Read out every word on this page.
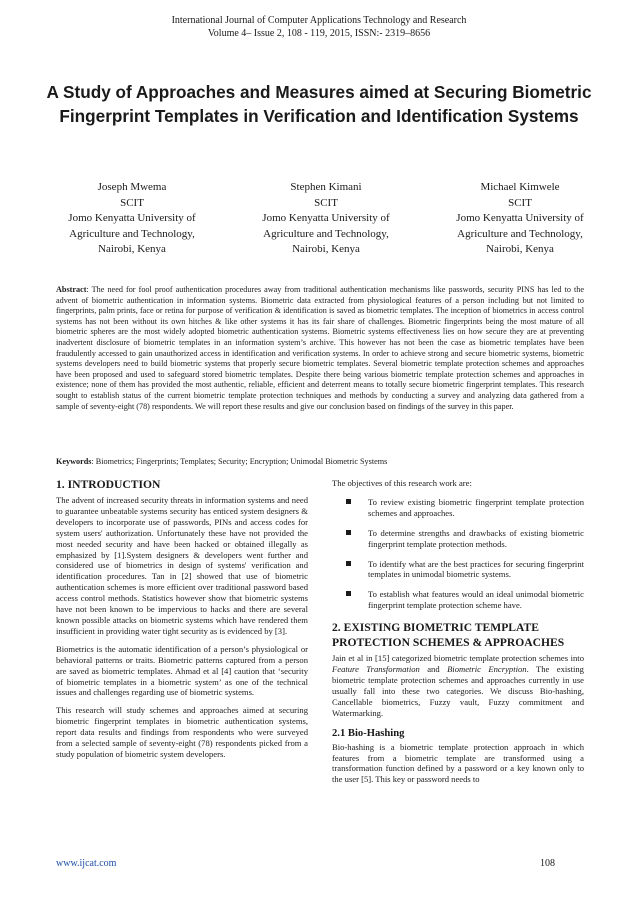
International Journal of Computer Applications Technology and Research
Volume 4– Issue 2, 108 - 119, 2015, ISSN:- 2319–8656
A Study of Approaches and Measures aimed at Securing Biometric Fingerprint Templates in Verification and Identification Systems
Joseph Mwema
SCIT
Jomo Kenyatta University of Agriculture and Technology,
Nairobi, Kenya
Stephen Kimani
SCIT
Jomo Kenyatta University of Agriculture and Technology,
Nairobi, Kenya
Michael Kimwele
SCIT
Jomo Kenyatta University of Agriculture and Technology,
Nairobi, Kenya

Abstract: The need for fool proof authentication procedures away from traditional authentication mechanisms like passwords, security PINS has led to the advent of biometric authentication in information systems. Biometric data extracted from physiological features of a person including but not limited to fingerprints, palm prints, face or retina for purpose of verification & identification is saved as biometric templates. The inception of biometrics in access control systems has not been without its own hitches & like other systems it has its fair share of challenges. Biometric fingerprints being the most mature of all biometric spheres are the most widely adopted biometric authentication systems. Biometric systems effectiveness lies on how secure they are at preventing inadvertent disclosure of biometric templates in an information system’s archive. This however has not been the case as biometric templates have been fraudulently accessed to gain unauthorized access in identification and verification systems. In order to achieve strong and secure biometric systems, biometric systems developers need to build biometric systems that properly secure biometric templates. Several biometric template protection schemes and approaches have been proposed and used to safeguard stored biometric templates. Despite there being various biometric template protection schemes and approaches in existence; none of them has provided the most authentic, reliable, efficient and deterrent means to totally secure biometric fingerprint templates. This research sought to establish status of the current biometric template protection techniques and methods by conducting a survey and analyzing data gathered from a sample of seventy-eight (78) respondents. We will report these results and give our conclusion based on findings of the survey in this paper.

Keywords: Biometrics; Fingerprints; Templates; Security; Encryption; Unimodal Biometric Systems

1. INTRODUCTION

The advent of increased security threats in information systems and need to guarantee unbeatable systems security has enticed system designers & developers to incorporate use of passwords, PINs and access codes for system users' authorization. Unfortunately these have not provided the most needed security and have been hacked or obtained illegally as emphasized by [1].System designers & developers went further and considered use of biometrics in design of systems' verification and identification procedures. Tan in [2] showed that use of biometric authentication schemes is more efficient over traditional password based access control methods. Statistics however show that biometric systems have not been known to be impervious to hacks and there are several known possible attacks on biometric systems which have rendered them insufficient in providing water tight security as is evidenced by [3].

Biometrics is the automatic identification of a person’s physiological or behavioral patterns or traits. Biometric patterns captured from a person are saved as biometric templates. Ahmad et al [4] caution that ‘security of biometric templates in a biometric system’ as one of the technical issues and challenges regarding use of biometric systems.

This research will study schemes and approaches aimed at securing biometric fingerprint templates in biometric authentication systems, report data results and findings from respondents who were surveyed from a selected sample of seventy-eight (78) respondents picked from a study population of biometric system developers.

The objectives of this research work are:

To review existing biometric fingerprint template protection schemes and approaches.
To determine strengths and drawbacks of existing biometric fingerprint template protection methods.
To identify what are the best practices for securing fingerprint templates in unimodal biometric systems.
To establish what features would an ideal unimodal biometric fingerprint template protection scheme have.
2. EXISTING BIOMETRIC TEMPLATE PROTECTION SCHEMES & APPROACHES

Jain et al in [15] categorized biometric template protection schemes into Feature Transformation and Biometric Encryption. The existing biometric template protection schemes and approaches currently in use usually fall into these two categories. We discuss Bio-hashing, Cancellable biometrics, Fuzzy vault, Fuzzy commitment and Watermarking.

2.1 Bio-Hashing

Bio-hashing is a biometric template protection approach in which features from a biometric template are transformed using a transformation function defined by a password or a key known only to the user [5]. This key or password needs to

www.ijcat.com	108
